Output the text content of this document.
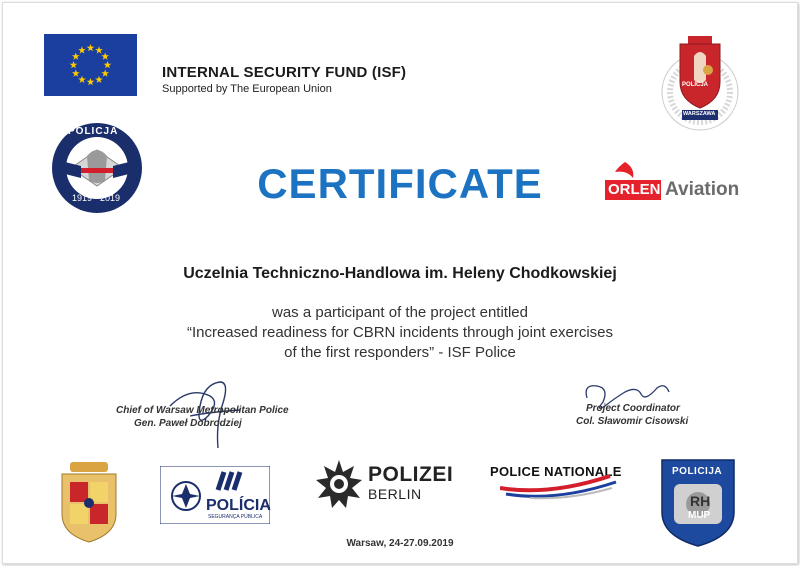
INTERNAL SECURITY FUND (ISF)
Supported by The European Union	POLICJA
WARSZAWA
POLICJA
1919 - 2019	CERTIFICATE	ORLEN Aviation
Uczelnia Techniczno-Handlowa im. Heleny Chodkowskiej
was a participant of the project entitled
“Increased readiness for CBRN incidents through joint exercises
of the first responders” - ISF Police
Chief of Warsaw Metropolitan Police
Gen. Paweł Dobrodziej
Project Coordinator
Col. Sławomir Cisowski
POLÍCIA
SEGURANÇA PÚBLICA
POLIZEI
BERLIN
POLICE NATIONALE	POLICIJA
RH
MUP
Warsaw, 24-27.09.2019
